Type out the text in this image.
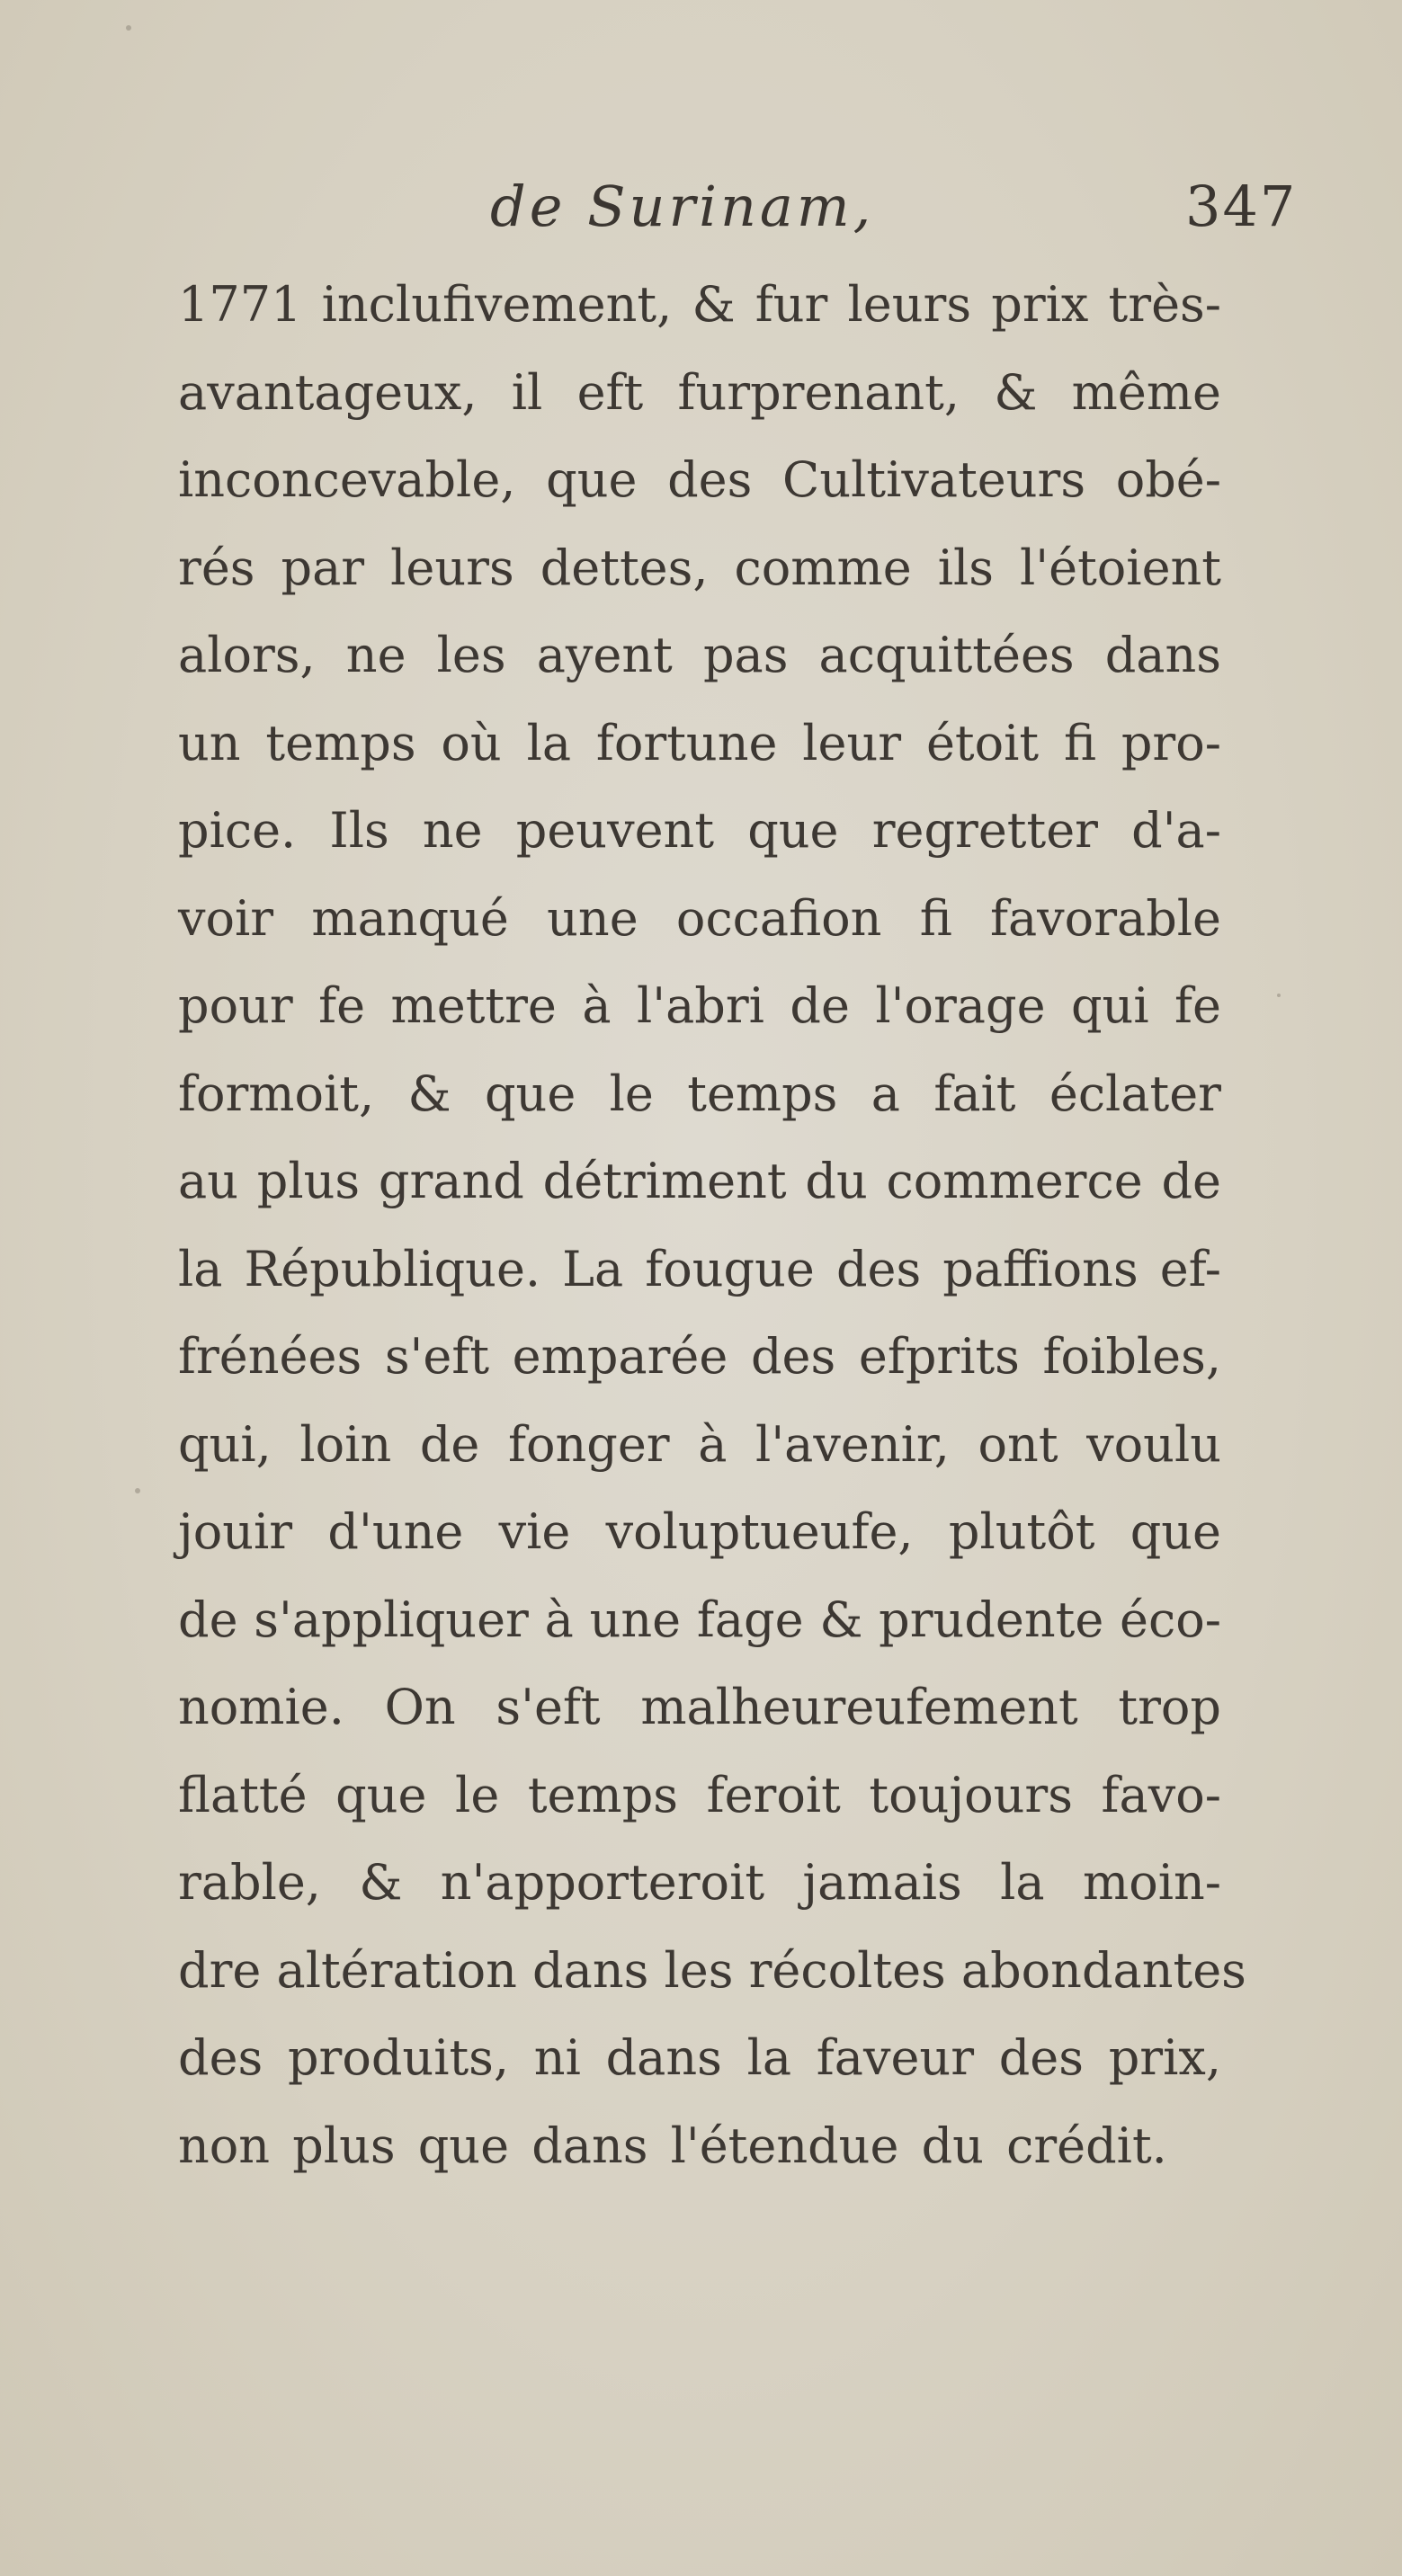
de Surinam,	347
1771 inclufivement, & fur leurs prix très-
avantageux, il eft furprenant, & même
inconcevable, que des Cultivateurs obé-
rés par leurs dettes, comme ils l'étoient
alors, ne les ayent pas acquittées dans
un temps où la fortune leur étoit fi pro-
pice. Ils ne peuvent que regretter d'a-
voir manqué une occafion fi favorable
pour fe mettre à l'abri de l'orage qui fe
formoit, & que le temps a fait éclater
au plus grand détriment du commerce de
la République. La fougue des paffions ef-
frénées s'eft emparée des efprits foibles,
qui, loin de fonger à l'avenir, ont voulu
jouir d'une vie voluptueufe, plutôt que
de s'appliquer à une fage & prudente éco-
nomie. On s'eft malheureufement trop
flatté que le temps feroit toujours favo-
rable, & n'apporteroit jamais la moin-
dre altération dans les récoltes abondantes
des produits, ni dans la faveur des prix,
non plus que dans l'étendue du crédit.
